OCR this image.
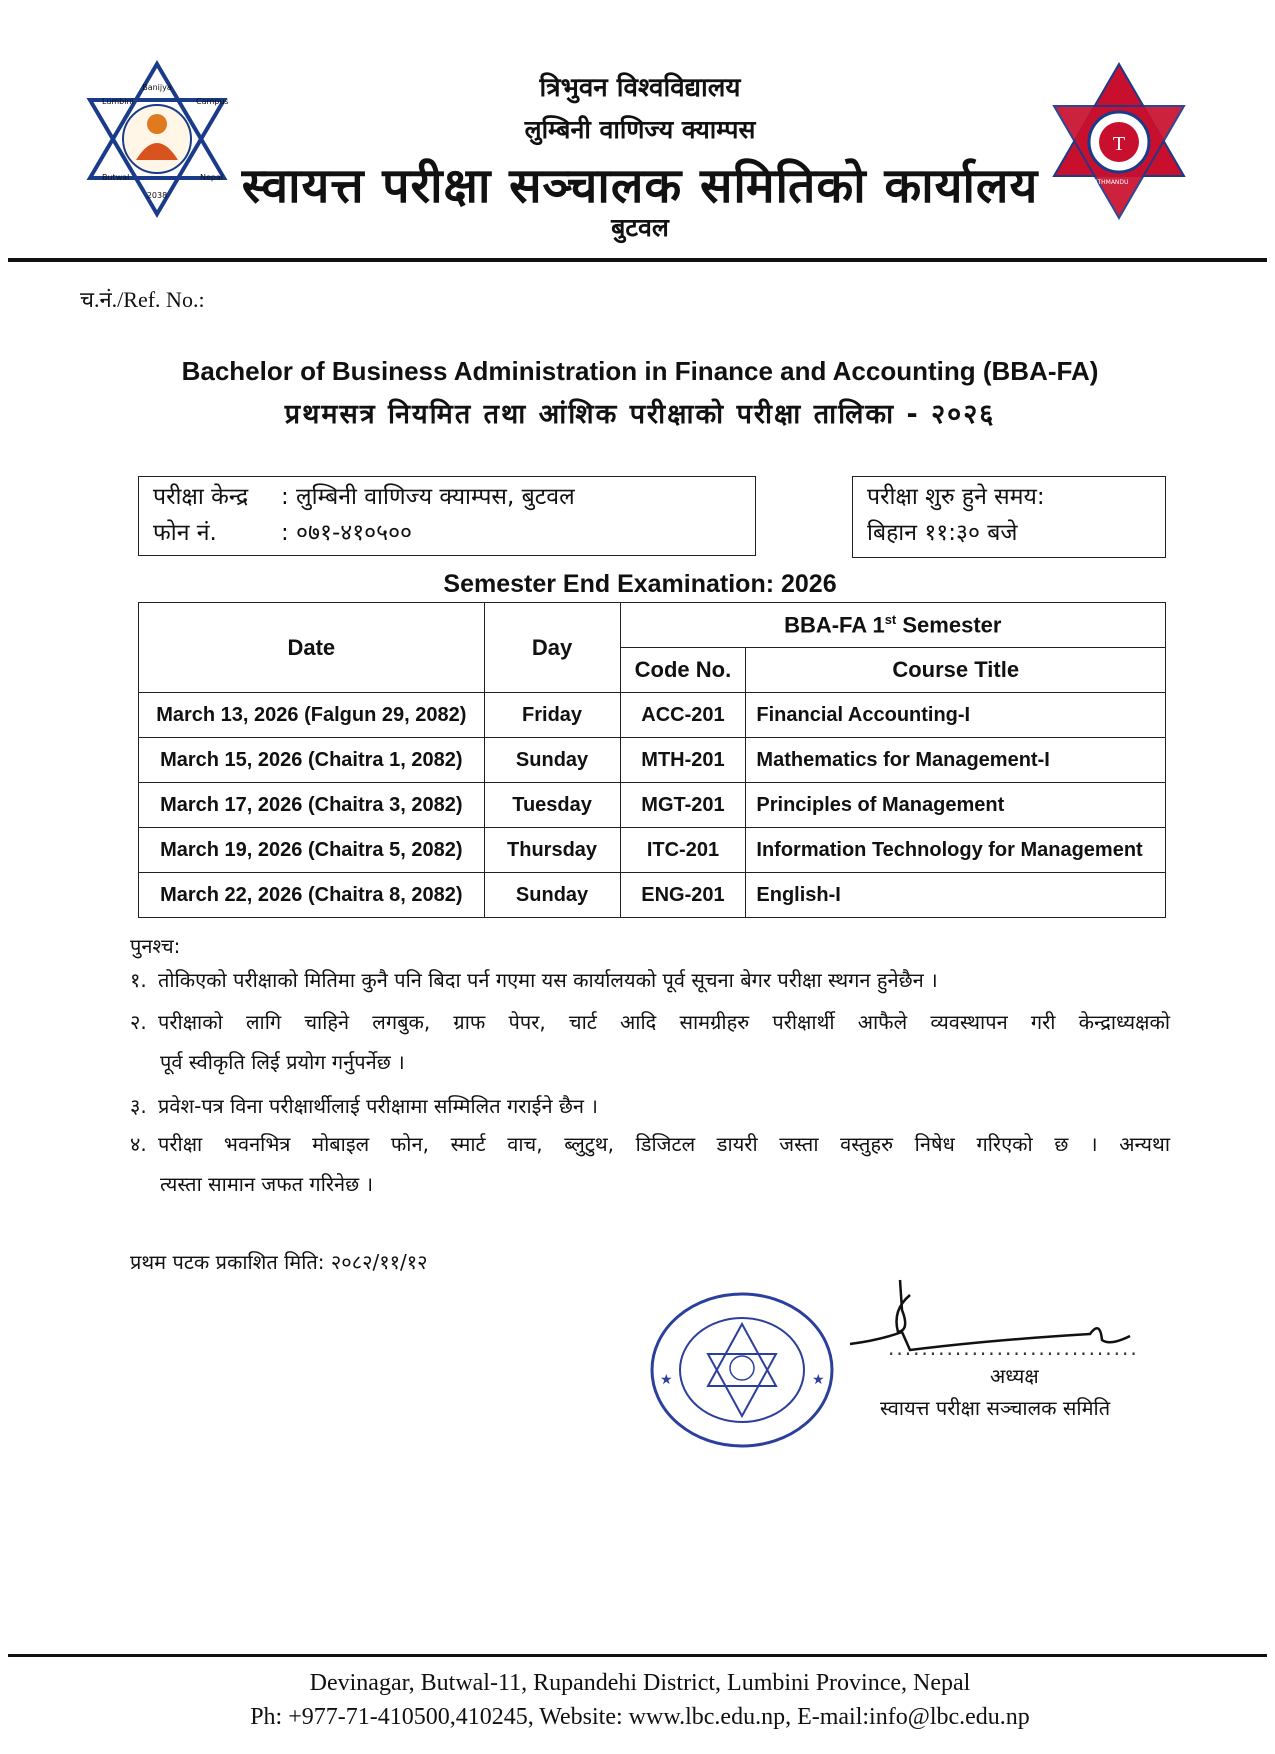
Banijya
Lumbini	Campus
Butwal	Nepal
2038
T
KATHMANDU	NEPAL
त्रिभुवन विश्वविद्यालय
लुम्बिनी वाणिज्य क्याम्पस
स्वायत्त परीक्षा सञ्चालक समितिको कार्यालय
बुटवल
च.नं./Ref. No.:
Bachelor of Business Administration in Finance and Accounting (BBA-FA)
प्रथमसत्र नियमित तथा आंशिक परीक्षाको परीक्षा तालिका - २०२६
परीक्षा केन्द्र : लुम्बिनी वाणिज्य क्याम्पस, बुटवल
फोन नं.	: ०७१-४१०५००
परीक्षा शुरु हुने समय:
बिहान ११:३० बजे
Semester End Examination: 2026
Date	Day	BBA-FA 1st Semester	
		Code No.	Course Title
March 13, 2026 (Falgun 29, 2082)	Friday	ACC-201	Financial Accounting-I
March 15, 2026 (Chaitra 1, 2082)	Sunday	MTH-201	Mathematics for Management-I
March 17, 2026 (Chaitra 3, 2082)	Tuesday	MGT-201	Principles of Management
March 19, 2026 (Chaitra 5, 2082)	Thursday	ITC-201	Information Technology for Management
March 22, 2026 (Chaitra 8, 2082)	Sunday	ENG-201	English-I
पुनश्च:
१. तोकिएको परीक्षाको मितिमा कुनै पनि बिदा पर्न गएमा यस कार्यालयको पूर्व सूचना बेगर परीक्षा स्थगन हुनेछैन ।
२. परीक्षाको लागि चाहिने लगबुक, ग्राफ पेपर, चार्ट आदि सामग्रीहरु परीक्षार्थी आफैले व्यवस्थापन गरी केन्द्राध्यक्षको
पूर्व स्वीकृति लिई प्रयोग गर्नुपर्नेछ ।
३. प्रवेश-पत्र विना परीक्षार्थीलाई परीक्षामा सम्मिलित गराईने छैन ।
४. परीक्षा भवनभित्र मोबाइल फोन, स्मार्ट वाच, ब्लुटुथ, डिजिटल डायरी जस्ता वस्तुहरु निषेध गरिएको छ । अन्यथा
त्यस्ता सामान जफत गरिनेछ ।
प्रथम पटक प्रकाशित मिति: २०८२/११/१२
★	★
..............................
अध्यक्ष
स्वायत्त परीक्षा सञ्चालक समिति
Devinagar, Butwal-11, Rupandehi District, Lumbini Province, Nepal
Ph: +977-71-410500,410245, Website: www.lbc.edu.np, E-mail:info@lbc.edu.np
